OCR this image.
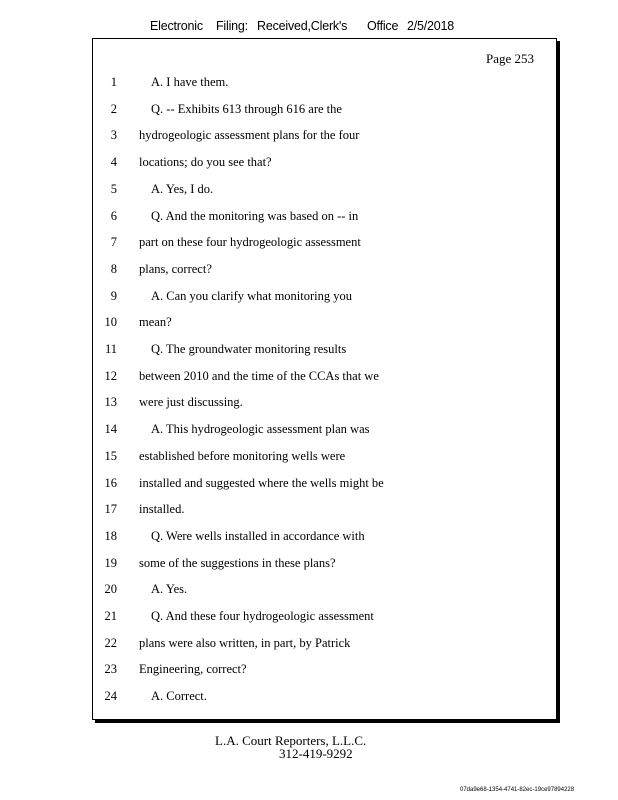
Electronic Filing: Received,Clerk's Office 2/5/2018
Page 253
1	A. I have them.
2	Q. -- Exhibits 613 through 616 are the
3 hydrogeologic assessment plans for the four
4 locations; do you see that?
5	A. Yes, I do.
6	Q. And the monitoring was based on -- in
7 part on these four hydrogeologic assessment
8 plans, correct?
9	A. Can you clarify what monitoring you
10 mean?
11	Q. The groundwater monitoring results
12 between 2010 and the time of the CCAs that we
13 were just discussing.
14	A. This hydrogeologic assessment plan was
15 established before monitoring wells were
16 installed and suggested where the wells might be
17 installed.
18	Q. Were wells installed in accordance with
19 some of the suggestions in these plans?
20	A. Yes.
21	Q. And these four hydrogeologic assessment
22 plans were also written, in part, by Patrick
23 Engineering, correct?
24	A. Correct.
L.A. Court Reporters, L.L.C.
312-419-9292
07da9e68-1354-4741-82ec-19ce97894228
